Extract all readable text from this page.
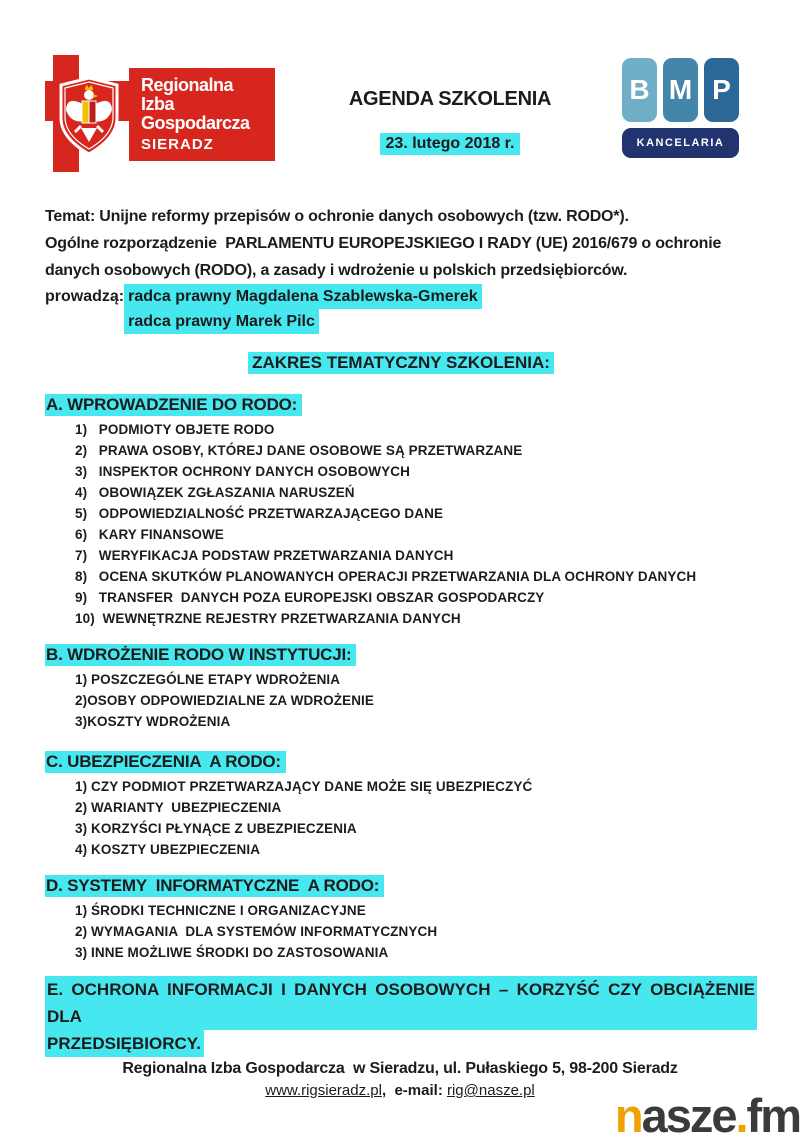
Regionalna
Izba
Gospodarcza
SIERADZ
AGENDA SZKOLENIA
23. lutego 2018 r.
B M P
KANCELARIA
Temat: Unijne reformy przepisów o ochronie danych osobowych (tzw. RODO*).
Ogólne rozporządzenie  PARLAMENTU EUROPEJSKIEGO I RADY (UE) 2016/679 o ochronie
danych osobowych (RODO), a zasady i wdrożenie u polskich przedsiębiorców.
prowadzą: radca prawny Magdalena Szablewska-Gmerek
radca prawny Marek Pilc
ZAKRES TEMATYCZNY SZKOLENIA:
A. WPROWADZENIE DO RODO:
1)   PODMIOTY OBJETE RODO
2)   PRAWA OSOBY, KTÓREJ DANE OSOBOWE SĄ PRZETWARZANE
3)   INSPEKTOR OCHRONY DANYCH OSOBOWYCH
4)   OBOWIĄZEK ZGŁASZANIA NARUSZEŃ
5)   ODPOWIEDZIALNOŚĆ PRZETWARZAJĄCEGO DANE
6)   KARY FINANSOWE
7)   WERYFIKACJA PODSTAW PRZETWARZANIA DANYCH
8)   OCENA SKUTKÓW PLANOWANYCH OPERACJI PRZETWARZANIA DLA OCHRONY DANYCH
9)   TRANSFER  DANYCH POZA EUROPEJSKI OBSZAR GOSPODARCZY
10)  WEWNĘTRZNE REJESTRY PRZETWARZANIA DANYCH
B. WDROŻENIE RODO W INSTYTUCJI:
1) POSZCZEGÓLNE ETAPY WDROŻENIA
2)OSOBY ODPOWIEDZIALNE ZA WDROŻENIE
3)KOSZTY WDROŻENIA
C. UBEZPIECZENIA  A RODO:
1) CZY PODMIOT PRZETWARZAJĄCY DANE MOŻE SIĘ UBEZPIECZYĆ
2) WARIANTY  UBEZPIECZENIA
3) KORZYŚCI PŁYNĄCE Z UBEZPIECZENIA
4) KOSZTY UBEZPIECZENIA
D. SYSTEMY  INFORMATYCZNE  A RODO:
1) ŚRODKI TECHNICZNE I ORGANIZACYJNE
2) WYMAGANIA  DLA SYSTEMÓW INFORMATYCZNYCH
3) INNE MOŻLIWE ŚRODKI DO ZASTOSOWANIA
E. OCHRONA INFORMACJI I DANYCH OSOBOWYCH – KORZYŚĆ CZY OBCIĄŻENIE DLA
PRZEDSIĘBIORCY.
Regionalna Izba Gospodarcza  w Sieradzu, ul. Pułaskiego 5, 98-200 Sieradz
www.rigsieradz.pl,  e-mail: rig@nasze.pl	nasze.fm
